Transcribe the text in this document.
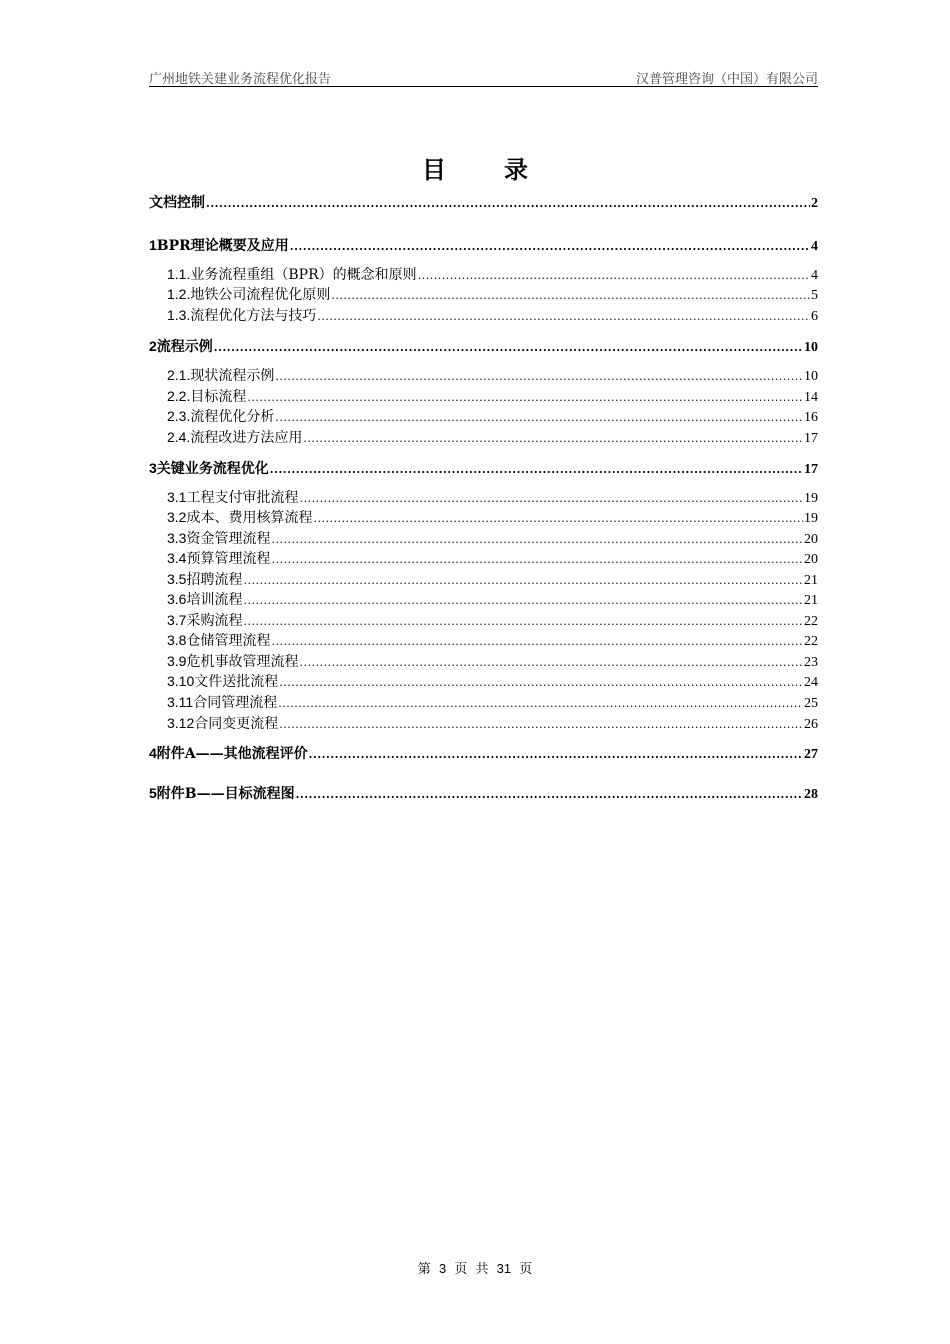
广州地铁关建业务流程优化报告	汉普管理咨询（中国）有限公司
目录
文档控制 .....	2
1 BPR理论概要及应用 .....	4
1.1. 业务流程重组（BPR）的概念和原则 .....	4
1.2. 地铁公司流程优化原则 .....	5
1.3. 流程优化方法与技巧 .....	6
2 流程示例 .....	10
2.1. 现状流程示例 .....	10
2.2. 目标流程 .....	14
2.3. 流程优化分析 .....	16
2.4. 流程改进方法应用 .....	17
3 关键业务流程优化 .....	17
3.1 工程支付审批流程 .....	19
3.2 成本、费用核算流程 .....	19
3.3 资金管理流程 .....	20
3.4 预算管理流程 .....	20
3.5 招聘流程 .....	21
3.6 培训流程 .....	21
3.7 采购流程 .....	22
3.8 仓储管理流程 .....	22
3.9 危机事故管理流程 .....	23
3.10 文件送批流程 .....	24
3.11 合同管理流程 .....	25
3.12 合同变更流程 .....	26
4 附件A——其他流程评价 .....	27
5 附件B——目标流程图 .....	28
第 3 页 共 31 页
